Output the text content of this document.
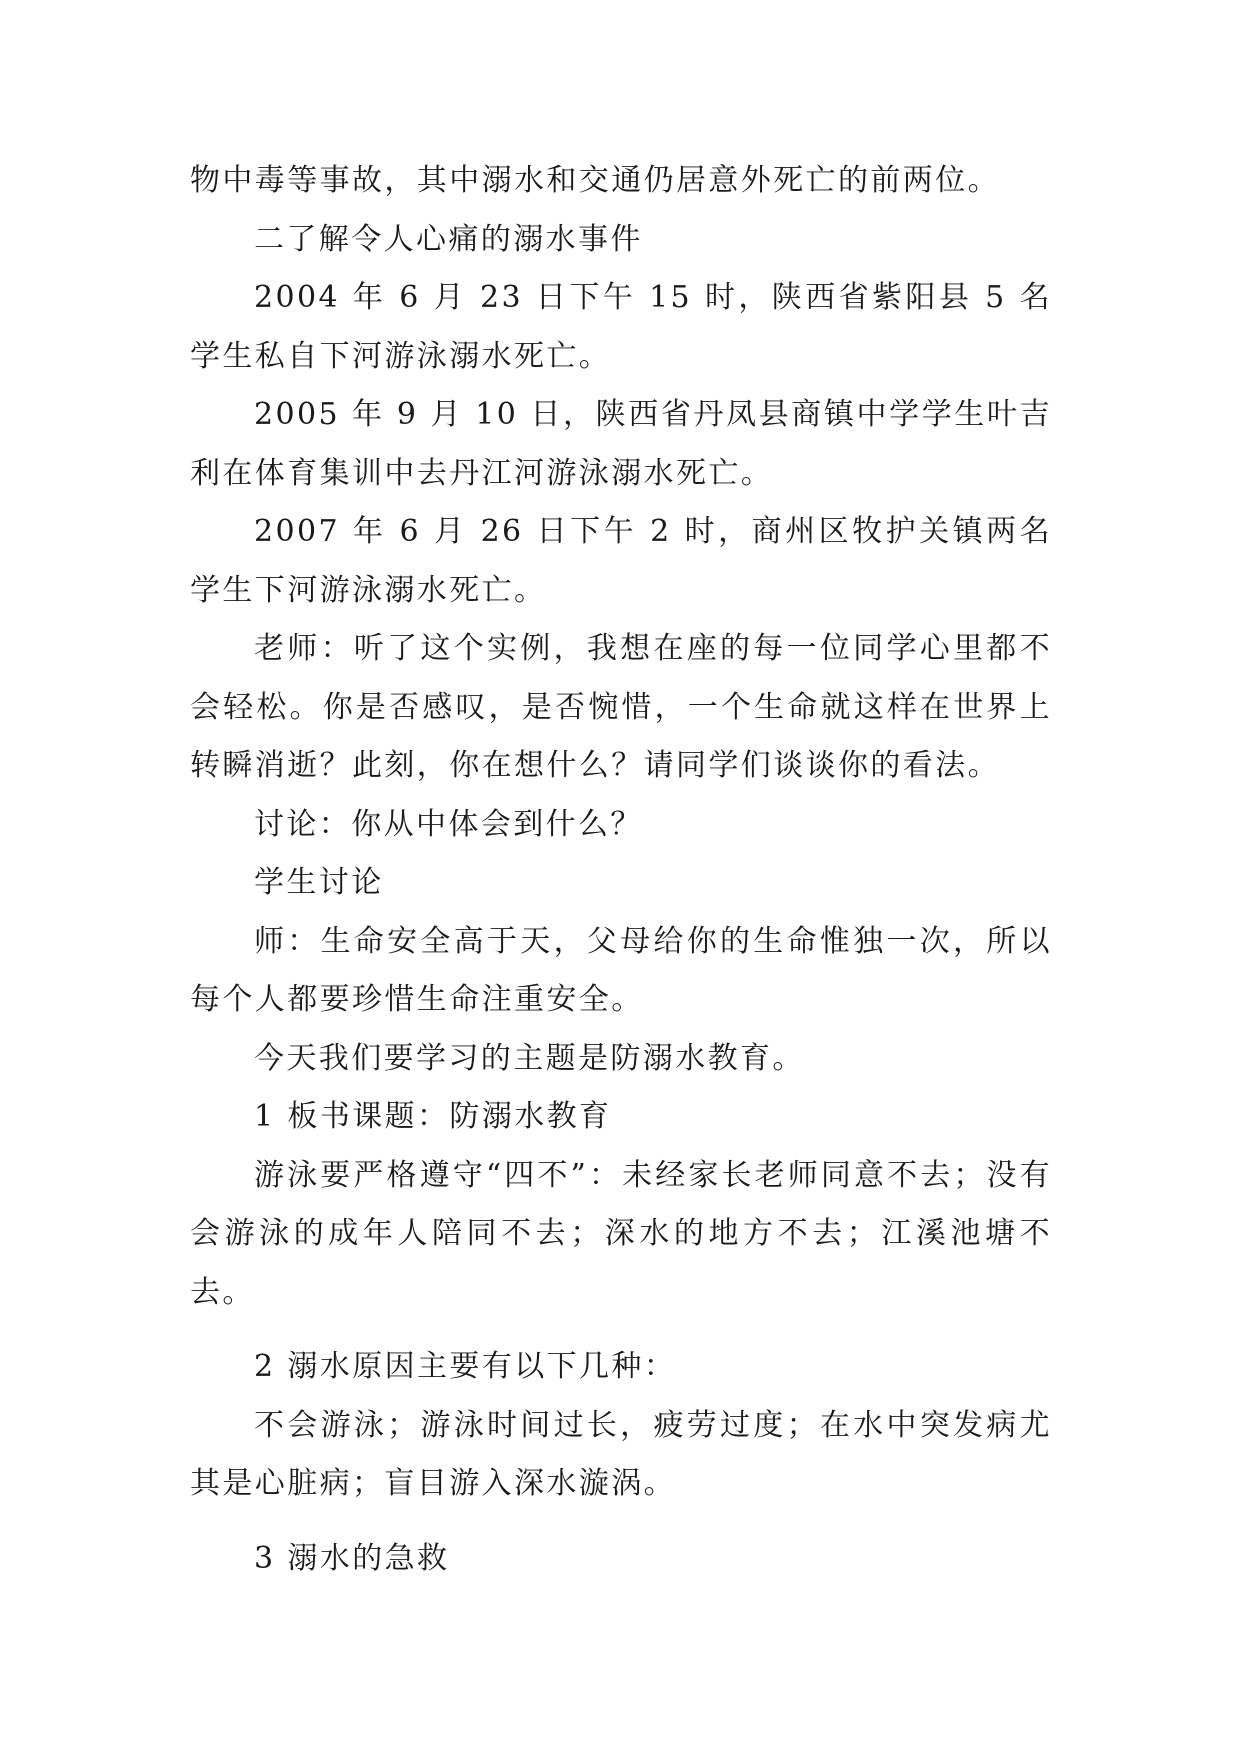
物中毒等事故，其中溺水和交通仍居意外死亡的前两位。

二了解令人心痛的溺水事件

2004 年 6 月 23 日下午 15 时，陕西省紫阳县 5 名学生私自下河游泳溺水死亡。

2005 年 9 月 10 日，陕西省丹凤县商镇中学学生叶吉利在体育集训中去丹江河游泳溺水死亡。

2007 年 6 月 26 日下午 2 时，商州区牧护关镇两名学生下河游泳溺水死亡。

老师：听了这个实例，我想在座的每一位同学心里都不会轻松。你是否感叹，是否惋惜，一个生命就这样在世界上转瞬消逝？此刻，你在想什么？请同学们谈谈你的看法。

讨论：你从中体会到什么？

学生讨论

师：生命安全高于天，父母给你的生命惟独一次，所以每个人都要珍惜生命注重安全。

今天我们要学习的主题是防溺水教育。

1 板书课题：防溺水教育

游泳要严格遵守“四不”：未经家长老师同意不去；没有会游泳的成年人陪同不去；深水的地方不去；江溪池塘不去。

2 溺水原因主要有以下几种：

不会游泳；游泳时间过长，疲劳过度；在水中突发病尤其是心脏病；盲目游入深水漩涡。

3 溺水的急救
